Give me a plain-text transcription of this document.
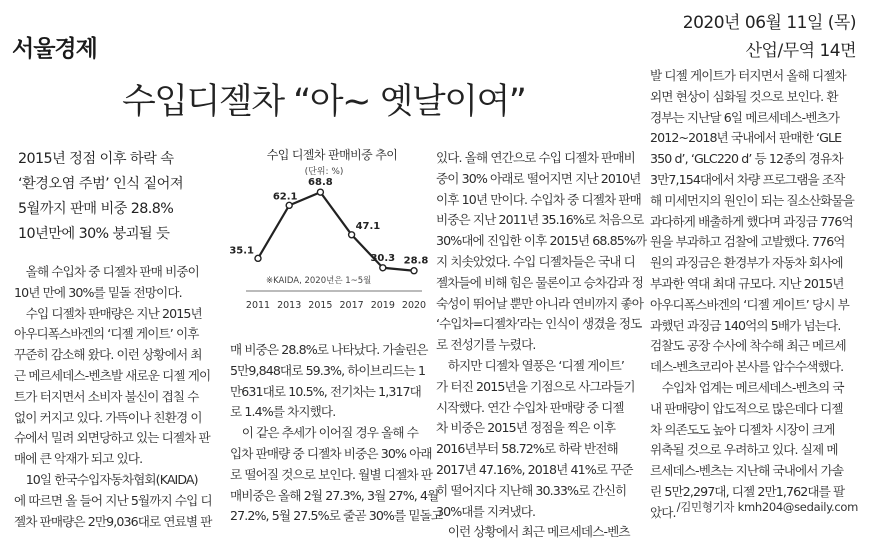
서울경제
2020년 06월 11일 (목)
산업/무역 14면
수입디젤차 “아~ 옛날이여”
2015년 정점 이후 하락 속
‘환경오염 주범’ 인식 짙어져
5월까지 판매 비중 28.8%
10년만에 30% 붕괴될 듯
수입 디젤차 판매비중 추이
(단위: %)
※KAIDA, 2020년은 1~5월
35.1
2011
62.1
2013
68.8
2015
47.1
2017
30.3
2019
28.8
2020

　올해 수입차 중 디젤차 판매 비중이

10년 만에 30%를 밑돌 전망이다.

　수입 디젤차 판매량은 지난 2015년

아우디폭스바겐의 ‘디젤 게이트’ 이후

꾸준히 감소해 왔다. 이런 상황에서 최

근 메르세데스-벤츠발 새로운 디젤 게이

트가 터지면서 소비자 불신이 겹칠 수

없이 커지고 있다. 가뜩이나 친환경 이

슈에서 밀려 외면당하고 있는 디젤차 판

매에 큰 악재가 되고 있다.

　10일 한국수입자동차협회(KAIDA)

에 따르면 올 들어 지난 5월까지 수입 디

젤차 판매량은 2만9,036대로 연료별 판

매 비중은 28.8%로 나타났다. 가솔린은

5만9,848대로 59.3%, 하이브리드는 1

만631대로 10.5%, 전기차는 1,317대

로 1.4%를 차지했다.

　이 같은 추세가 이어질 경우 올해 수

입차 판매량 중 디젤차 비중은 30% 아래

로 떨어질 것으로 보인다. 월별 디젤차 판

매비중은 올해 2월 27.3%, 3월 27%, 4월

27.2%, 5월 27.5%로 줄곧 30%를 밑돌고

있다. 올해 연간으로 수입 디젤차 판매비

중이 30% 아래로 떨어지면 지난 2010년

이후 10년 만이다. 수입차 중 디젤차 판매

비중은 지난 2011년 35.16%로 처음으로

30%대에 진입한 이후 2015년 68.85%까

지 치솟았었다. 수입 디젤차들은 국내 디

젤차들에 비해 힘은 물론이고 승차감과 정

숙성이 뛰어날 뿐만 아니라 연비까지 좋아

‘수입차=디젤차’라는 인식이 생겼을 정도

로 전성기를 누렸다.

　하지만 디젤차 열풍은 ‘디젤 게이트’

가 터진 2015년을 기점으로 사그라들기

시작했다. 연간 수입차 판매량 중 디젤

차 비중은 2015년 정점을 찍은 이후

2016년부터 58.72%로 하락 반전해

2017년 47.16%, 2018년 41%로 꾸준

히 떨어지다 지난해 30.33%로 간신히

30%대를 지켜냈다.

　이런 상황에서 최근 메르세데스-벤츠

발 디젤 게이트가 터지면서 올해 디젤차

외면 현상이 심화될 것으로 보인다. 환

경부는 지난달 6일 메르세데스-벤츠가

2012~2018년 국내에서 판매한 ‘GLE

350 d’, ‘GLC220 d’ 등 12종의 경유차

3만7,154대에서 차량 프로그램을 조작

해 미세먼지의 원인이 되는 질소산화물을

과다하게 배출하게 했다며 과징금 776억

원을 부과하고 검찰에 고발했다. 776억

원의 과징금은 환경부가 자동차 회사에

부과한 역대 최대 규모다. 지난 2015년

아우디폭스바겐의 ‘디젤 게이트’ 당시 부

과했던 과징금 140억의 5배가 넘는다.

검찰도 공장 수사에 착수해 최근 메르세

데스-벤츠코리아 본사를 압수수색했다.

　수입차 업계는 메르세데스-벤츠의 국

내 판매량이 압도적으로 많은데다 디젤

차 의존도도 높아 디젤차 시장이 크게

위축될 것으로 우려하고 있다. 실제 메

르세데스-벤츠는 지난해 국내에서 가솔

린 5만2,297대, 디젤 2만1,762대를 팔

았다. /김민형기자 kmh204@sedaily.com
